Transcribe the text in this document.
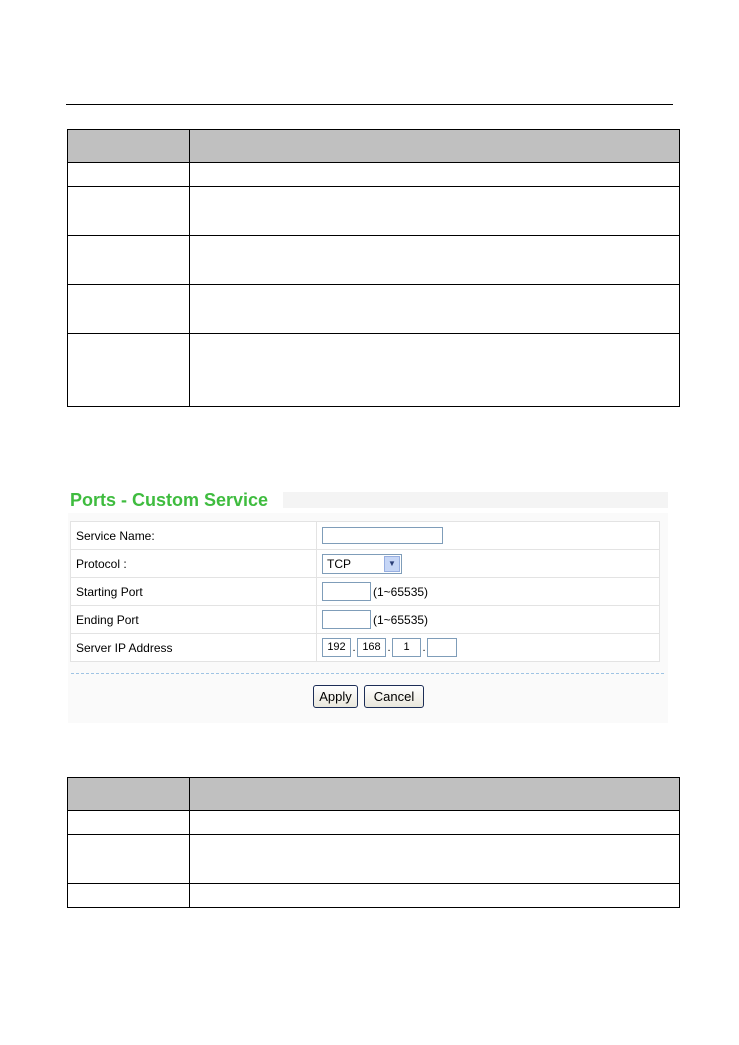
Ports - Custom Service
Service Name:	
Protocol :	TCP ▼

Starting Port	(1~65535)
Ending Port	(1~65535)
Server IP Address	192 . 168 . 1 .
Apply	Cancel
